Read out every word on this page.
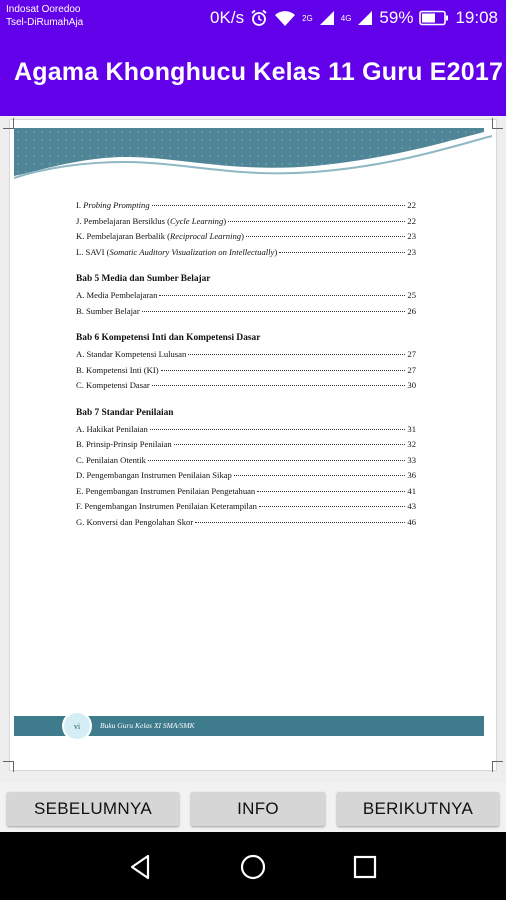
Indosat Ooredoo
Tsel-DiRumahAja	0K/s	2G	4G 59% 19:08
Agama Khonghucu Kelas 11 Guru E2017
I. Probing Prompting	22
J. Pembelajaran Bersiklus (Cycle Learning)	22
K. Pembelajaran Berbalik (Reciprocal Learning)	23
L. SAVI (Somatic Auditory Visualization on Intellectually)	23
Bab 5 Media dan Sumber Belajar
A. Media Pembelajaran	25
B. Sumber Belajar	26
Bab 6 Kompetensi Inti dan Kompetensi Dasar
A. Standar Kompetensi Lulusan	27
B. Kompetensi Inti (KI)	27
C. Kompetensi Dasar	30
Bab 7 Standar Penilaian
A. Hakikat Penilaian	31
B. Prinsip-Prinsip Penilaian	32
C. Penilaian Otentik	33
D. Pengembangan Instrumen Penilaian Sikap	36
E. Pengembangan Instrumen Penilaian Pengetahuan	41
F. Pengembangan Instrumen Penilaian Keterampilan	43
G. Konversi dan Pengolahan Skor	46
vi	Buku Guru Kelas XI SMA/SMK
SEBELUMNYA	INFO	BERIKUTNYA
